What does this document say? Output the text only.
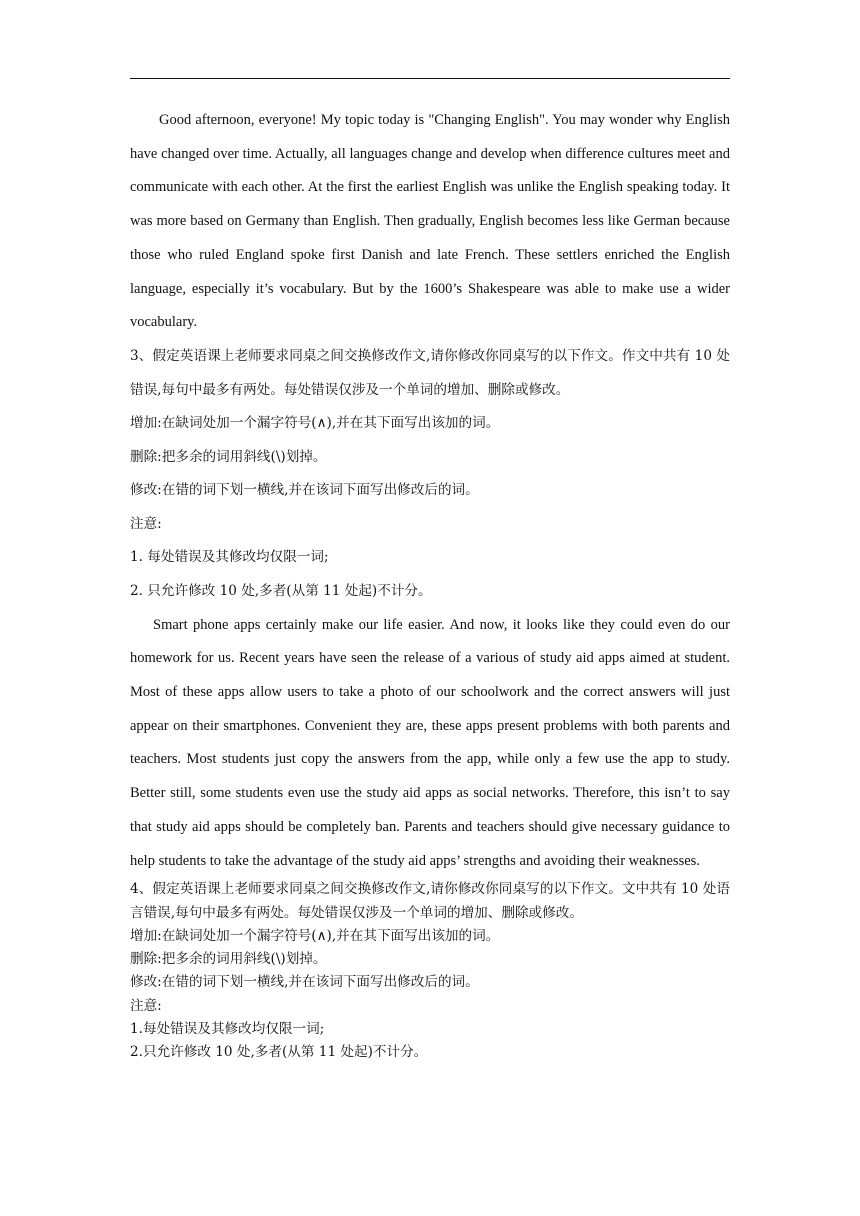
Good afternoon, everyone! My topic today is "Changing English". You may wonder why English have changed over time. Actually, all languages change and develop when difference cultures meet and communicate with each other. At the first the earliest English was unlike the English speaking today. It was more based on Germany than English. Then gradually, English becomes less like German because those who ruled England spoke first Danish and late French. These settlers enriched the English language, especially it’s vocabulary. But by the 1600’s Shakespeare was able to make use a wider vocabulary.

3、假定英语课上老师要求同桌之间交换修改作文,请你修改你同桌写的以下作文。作文中共有 10 处错误,每句中最多有两处。每处错误仅涉及一个单词的增加、删除或修改。

增加:在缺词处加一个漏字符号(∧),并在其下面写出该加的词。

删除:把多余的词用斜线(\)划掉。

修改:在错的词下划一横线,并在该词下面写出修改后的词。

注意:

1. 每处错误及其修改均仅限一词;

2. 只允许修改 10 处,多者(从第 11 处起)不计分。

Smart phone apps certainly make our life easier. And now, it looks like they could even do our homework for us. Recent years have seen the release of a various of study aid apps aimed at student. Most of these apps allow users to take a photo of our schoolwork and the correct answers will just appear on their smartphones. Convenient they are, these apps present problems with both parents and teachers. Most students just copy the answers from the app, while only a few use the app to study. Better still, some students even use the study aid apps as social networks. Therefore, this isn’t to say that study aid apps should be completely ban. Parents and teachers should give necessary guidance to help students to take the advantage of the study aid apps’ strengths and avoiding their weaknesses.

4、假定英语课上老师要求同桌之间交换修改作文,请你修改你同桌写的以下作文。文中共有 10 处语言错误,每句中最多有两处。每处错误仅涉及一个单词的增加、删除或修改。

增加:在缺词处加一个漏字符号(∧),并在其下面写出该加的词。

删除:把多余的词用斜线(\)划掉。

修改:在错的词下划一横线,并在该词下面写出修改后的词。

注意:

1.每处错误及其修改均仅限一词;

2.只允许修改 10 处,多者(从第 11 处起)不计分。
